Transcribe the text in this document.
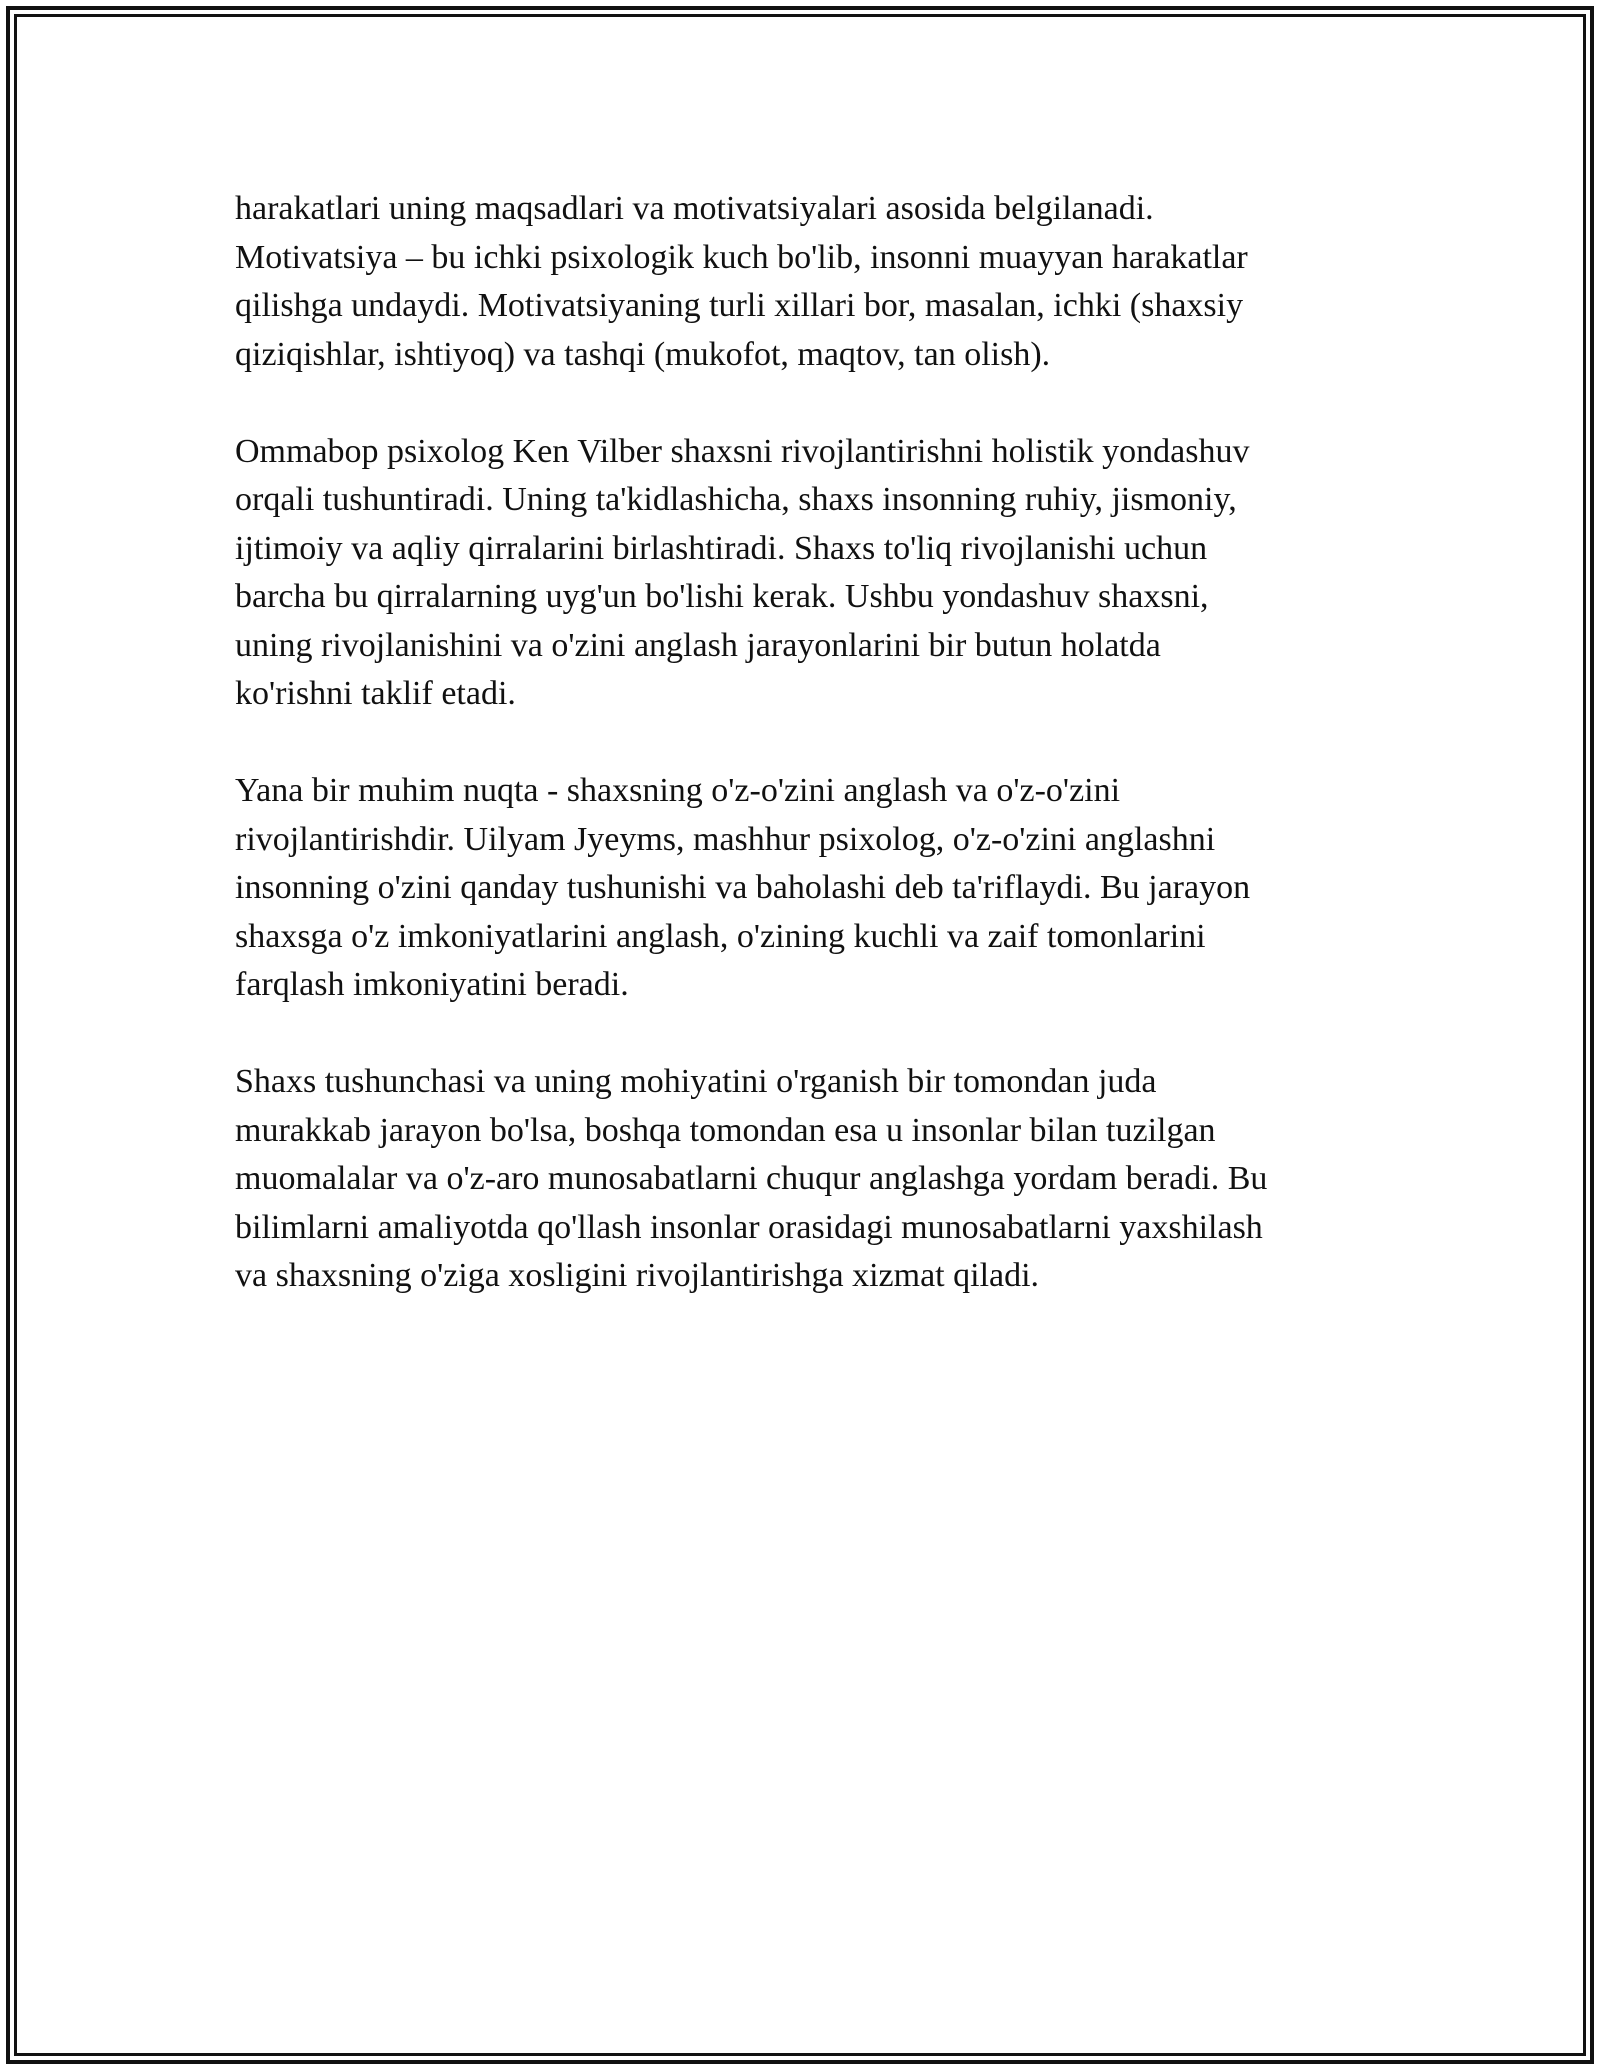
harakatlari uning maqsadlari va motivatsiyalari asosida belgilanadi.
Motivatsiya – bu ichki psixologik kuch bo'lib, insonni muayyan harakatlar
qilishga undaydi. Motivatsiyaning turli xillari bor, masalan, ichki (shaxsiy
qiziqishlar, ishtiyoq) va tashqi (mukofot, maqtov, tan olish).

Ommabop psixolog Ken Vilber shaxsni rivojlantirishni holistik yondashuv
orqali tushuntiradi. Uning ta'kidlashicha, shaxs insonning ruhiy, jismoniy,
ijtimoiy va aqliy qirralarini birlashtiradi. Shaxs to'liq rivojlanishi uchun
barcha bu qirralarning uyg'un bo'lishi kerak. Ushbu yondashuv shaxsni,
uning rivojlanishini va o'zini anglash jarayonlarini bir butun holatda
ko'rishni taklif etadi.

Yana bir muhim nuqta - shaxsning o'z-o'zini anglash va o'z-o'zini
rivojlantirishdir. Uilyam Jyeyms, mashhur psixolog, o'z-o'zini anglashni
insonning o'zini qanday tushunishi va baholashi deb ta'riflaydi. Bu jarayon
shaxsga o'z imkoniyatlarini anglash, o'zining kuchli va zaif tomonlarini
farqlash imkoniyatini beradi.

Shaxs tushunchasi va uning mohiyatini o'rganish bir tomondan juda
murakkab jarayon bo'lsa, boshqa tomondan esa u insonlar bilan tuzilgan
muomalalar va o'z-aro munosabatlarni chuqur anglashga yordam beradi. Bu
bilimlarni amaliyotda qo'llash insonlar orasidagi munosabatlarni yaxshilash
va shaxsning o'ziga xosligini rivojlantirishga xizmat qiladi.
